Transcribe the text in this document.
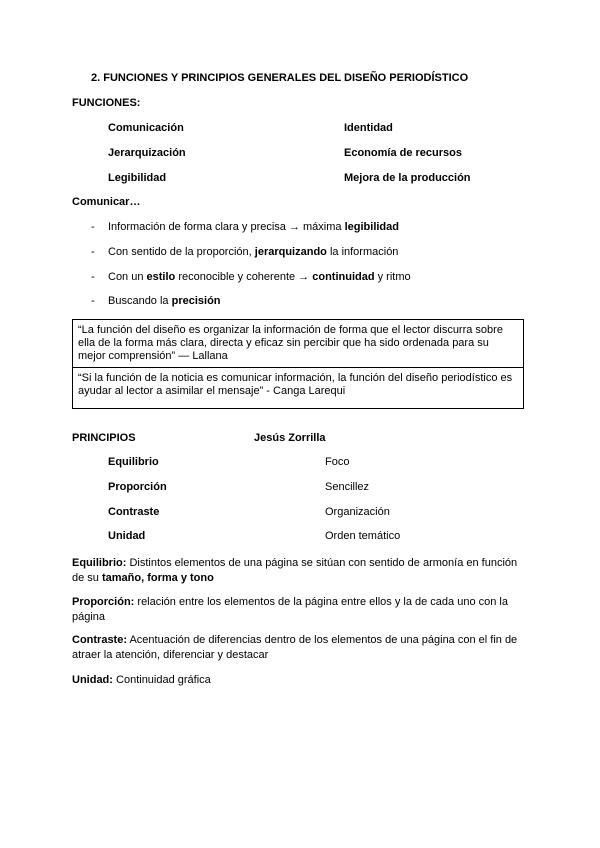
2. FUNCIONES Y PRINCIPIOS GENERALES DEL DISEÑO PERIODÍSTICO
FUNCIONES:
Comunicación
Jerarquización
Legibilidad
Identidad
Economía de recursos
Mejora de la producción
Comunicar…
- Información de forma clara y precisa → máxima legibilidad
- Con sentido de la proporción, jerarquizando la información
- Con un estilo reconocible y coherente → continuidad y ritmo
- Buscando la precisión

“La función del diseño es organizar la información de forma que el lector discurra sobre ella de la forma más clara, directa y eficaz sin percibir que ha sido ordenada para su mejor comprensión” — Lallana

“Si la función de la noticia es comunicar información, la función del diseño periodístico es ayudar al lector a asimilar el mensaje” - Canga Larequi

PRINCIPIOS	Jesús Zorrilla
Equilibrio
Proporción
Contraste
Unidad
Foco
Sencillez
Organización
Orden temático
Equilibrio: Distintos elementos de una página se sitúan con sentido de armonía en función de su tamaño, forma y tono
Proporción: relación entre los elementos de la página entre ellos y la de cada uno con la página
Contraste: Acentuación de diferencias dentro de los elementos de una página con el fin de atraer la atención, diferenciar y destacar
Unidad: Continuidad gráfica
